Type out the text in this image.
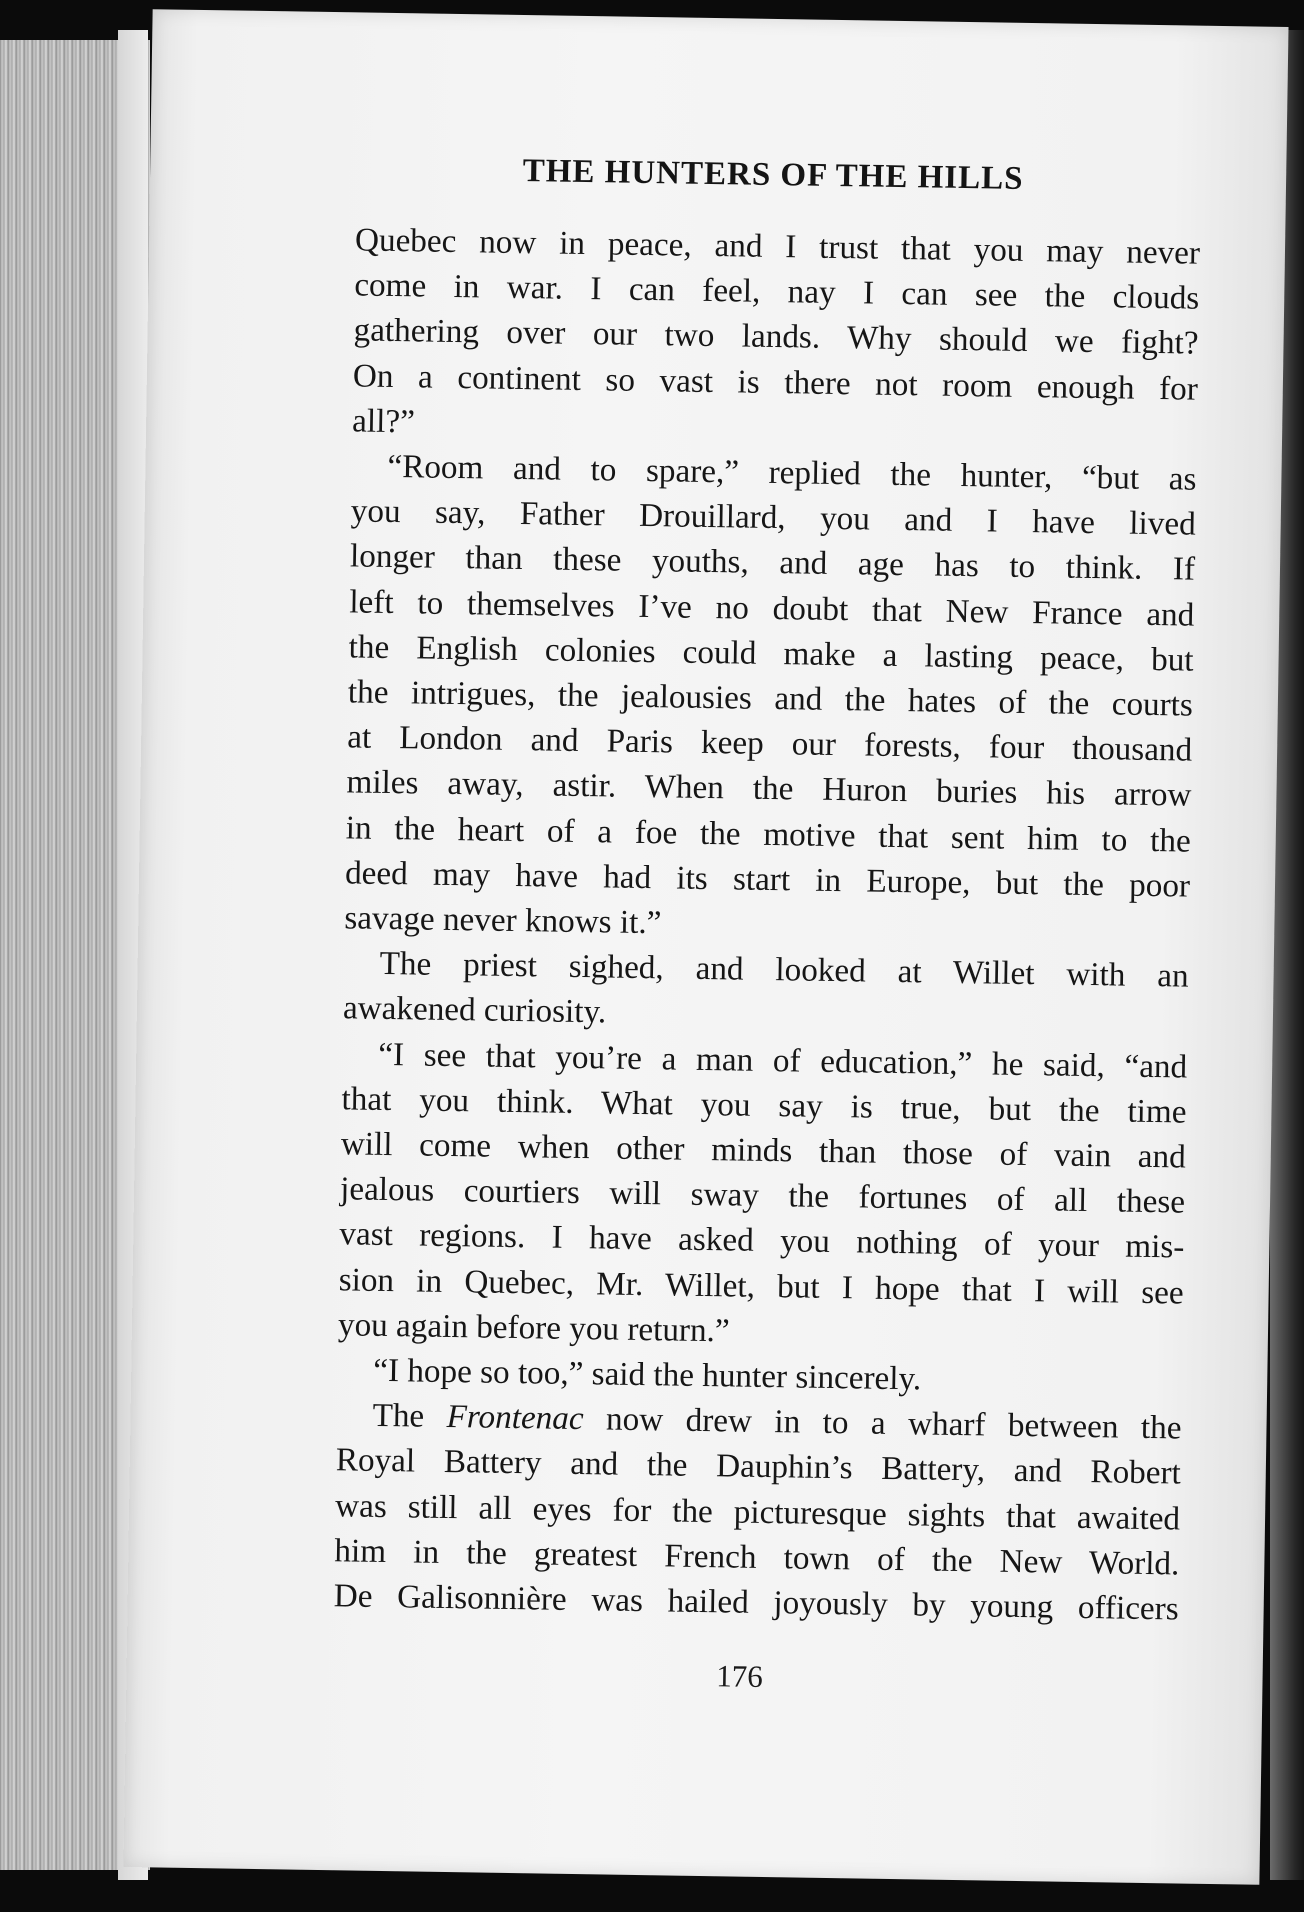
THE HUNTERS OF THE HILLS
Quebec now in peace, and I trust that you may never
come in war. I can feel, nay I can see the clouds
gathering over our two lands. Why should we fight?
On a continent so vast is there not room enough for
all?”
“Room and to spare,” replied the hunter, “but as
you say, Father Drouillard, you and I have lived
longer than these youths, and age has to think. If
left to themselves I’ve no doubt that New France and
the English colonies could make a lasting peace, but
the intrigues, the jealousies and the hates of the courts
at London and Paris keep our forests, four thousand
miles away, astir. When the Huron buries his arrow
in the heart of a foe the motive that sent him to the
deed may have had its start in Europe, but the poor
savage never knows it.”
The priest sighed, and looked at Willet with an
awakened curiosity.
“I see that you’re a man of education,” he said, “and
that you think. What you say is true, but the time
will come when other minds than those of vain and
jealous courtiers will sway the fortunes of all these
vast regions. I have asked you nothing of your mis-
sion in Quebec, Mr. Willet, but I hope that I will see
you again before you return.”
“I hope so too,” said the hunter sincerely.
The Frontenac now drew in to a wharf between the
Royal Battery and the Dauphin’s Battery, and Robert
was still all eyes for the picturesque sights that awaited
him in the greatest French town of the New World.
De Galisonnière was hailed joyously by young officers
176
